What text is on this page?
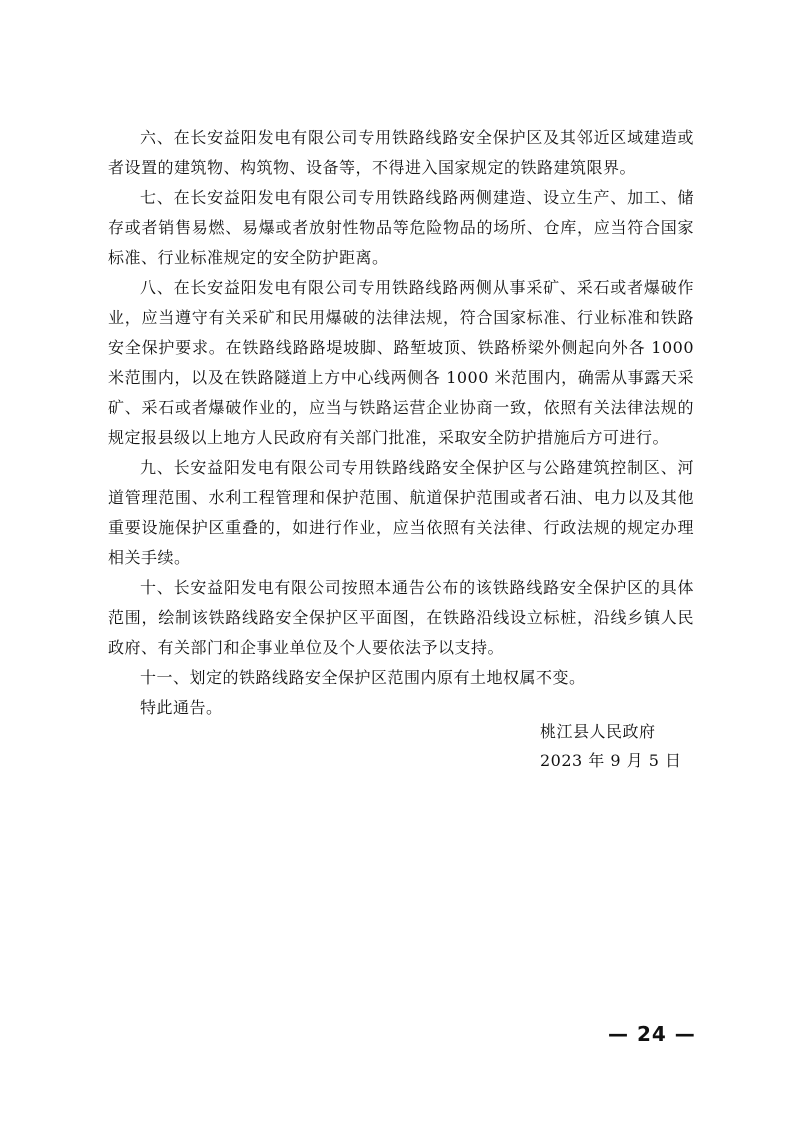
六、在长安益阳发电有限公司专用铁路线路安全保护区及其邻近区域建造或者设置的建筑物、构筑物、设备等，不得进入国家规定的铁路建筑限界。

七、在长安益阳发电有限公司专用铁路线路两侧建造、设立生产、加工、储存或者销售易燃、易爆或者放射性物品等危险物品的场所、仓库，应当符合国家标准、行业标准规定的安全防护距离。

八、在长安益阳发电有限公司专用铁路线路两侧从事采矿、采石或者爆破作业，应当遵守有关采矿和民用爆破的法律法规，符合国家标准、行业标准和铁路安全保护要求。在铁路线路路堤坡脚、路堑坡顶、铁路桥梁外侧起向外各 1000 米范围内，以及在铁路隧道上方中心线两侧各 1000 米范围内，确需从事露天采矿、采石或者爆破作业的，应当与铁路运营企业协商一致，依照有关法律法规的规定报县级以上地方人民政府有关部门批准，采取安全防护措施后方可进行。

九、长安益阳发电有限公司专用铁路线路安全保护区与公路建筑控制区、河道管理范围、水利工程管理和保护范围、航道保护范围或者石油、电力以及其他重要设施保护区重叠的，如进行作业，应当依照有关法律、行政法规的规定办理相关手续。

十、长安益阳发电有限公司按照本通告公布的该铁路线路安全保护区的具体范围，绘制该铁路线路安全保护区平面图，在铁路沿线设立标桩，沿线乡镇人民政府、有关部门和企事业单位及个人要依法予以支持。

十一、划定的铁路线路安全保护区范围内原有土地权属不变。

特此通告。

桃江县人民政府
2023 年 9 月 5 日
— 24 —
